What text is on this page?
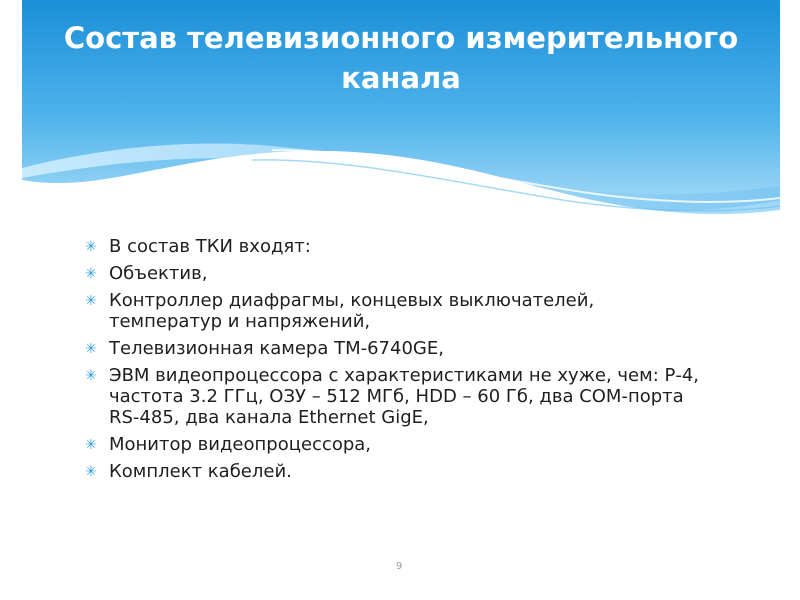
Состав телевизионного измерительного канала
✳ В состав ТКИ входят:
✳ Объектив,
✳ Контроллер диафрагмы, концевых выключателей, температур и напряжений,
✳ Телевизионная камера ТМ-6740GE,
✳ ЭВМ видеопроцессора с характеристиками не хуже, чем: Р-4, частота 3.2 ГГц, ОЗУ – 512 МГб, HDD – 60 Гб, два СОМ-порта RS-485, два канала Ethernet GigE,
✳ Монитор видеопроцессора,
✳ Комплект кабелей.
9
